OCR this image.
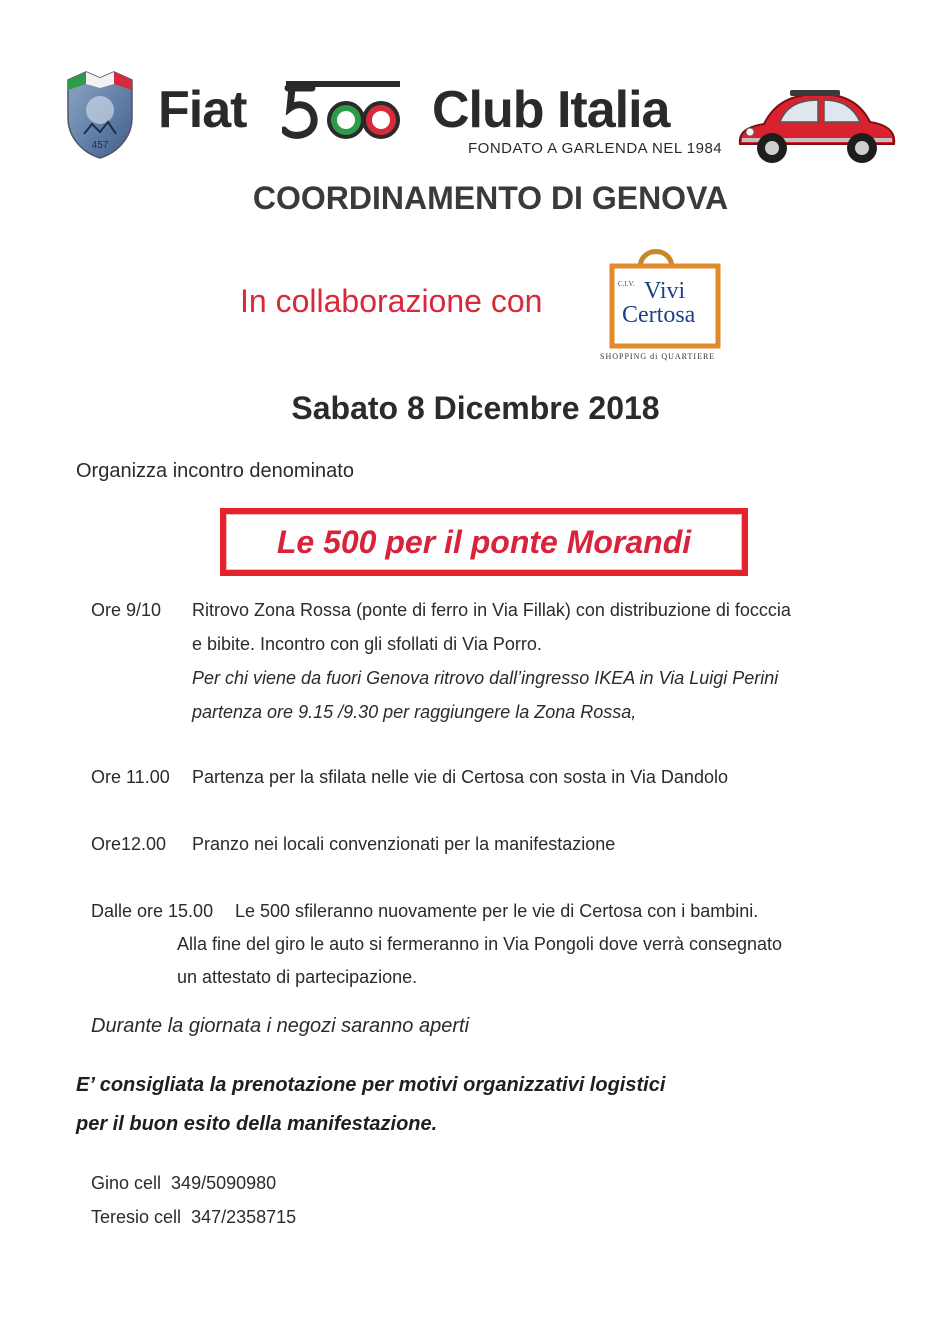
457
Fiat	Club Italia
FONDATO A GARLENDA NEL 1984
COORDINAMENTO DI GENOVA
In collaborazione con	C.I.V. Vivi
Certosa
SHOPPING di QUARTIERE
Sabato 8 Dicembre 2018
Organizza incontro denominato
Le 500 per il ponte Morandi
Ore 9/10 Ritrovo Zona Rossa (ponte di ferro in Via Fillak) con distribuzione di focccia
e bibite. Incontro con gli sfollati di Via Porro.
Per chi viene da fuori Genova ritrovo dall’ingresso IKEA in Via Luigi Perini
partenza ore 9.15 /9.30 per raggiungere la Zona Rossa,
Ore 11.00 Partenza per la sfilata nelle vie di Certosa con sosta in Via Dandolo
Ore12.00 Pranzo nei locali convenzionati per la manifestazione
Dalle ore 15.00 Le 500 sfileranno nuovamente per le vie di Certosa con i bambini.
Alla fine del giro le auto si fermeranno in Via Pongoli dove verrà consegnato
un attestato di partecipazione.
Durante la giornata i negozi saranno aperti
E’ consigliata la prenotazione per motivi organizzativi logistici
per il buon esito della manifestazione.
Gino cell 349/5090980
Teresio cell 347/2358715
